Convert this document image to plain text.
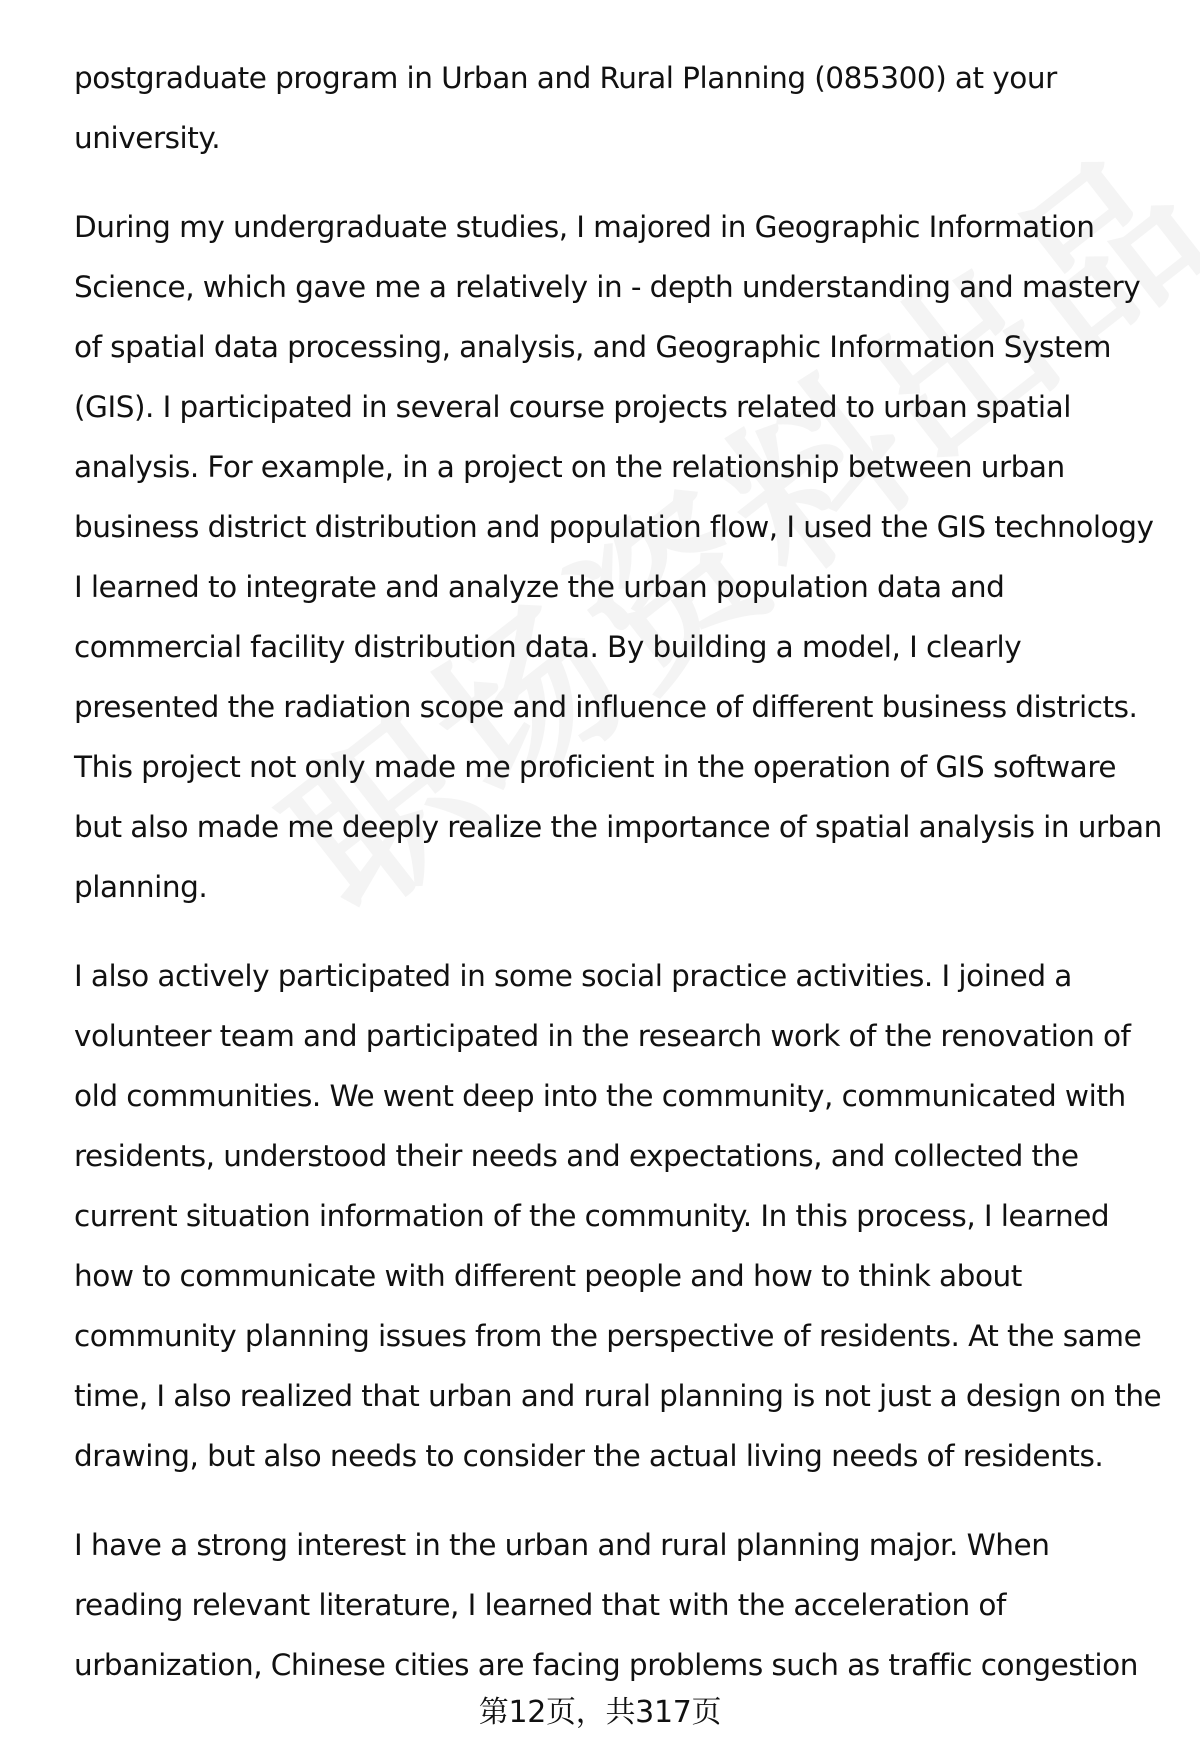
postgraduate program in Urban and Rural Planning (085300) at your
university.

During my undergraduate studies, I majored in Geographic Information
Science, which gave me a relatively in - depth understanding and mastery
of spatial data processing, analysis, and Geographic Information System
(GIS). I participated in several course projects related to urban spatial
analysis. For example, in a project on the relationship between urban
business district distribution and population flow, I used the GIS technology
I learned to integrate and analyze the urban population data and
commercial facility distribution data. By building a model, I clearly
presented the radiation scope and influence of different business districts.
This project not only made me proficient in the operation of GIS software
but also made me deeply realize the importance of spatial analysis in urban
planning.

I also actively participated in some social practice activities. I joined a
volunteer team and participated in the research work of the renovation of
old communities. We went deep into the community, communicated with
residents, understood their needs and expectations, and collected the
current situation information of the community. In this process, I learned
how to communicate with different people and how to think about
community planning issues from the perspective of residents. At the same
time, I also realized that urban and rural planning is not just a design on the
drawing, but also needs to consider the actual living needs of residents.

I have a strong interest in the urban and rural planning major. When
reading relevant literature, I learned that with the acceleration of
urbanization, Chinese cities are facing problems such as traffic congestion

第12页，共317页
